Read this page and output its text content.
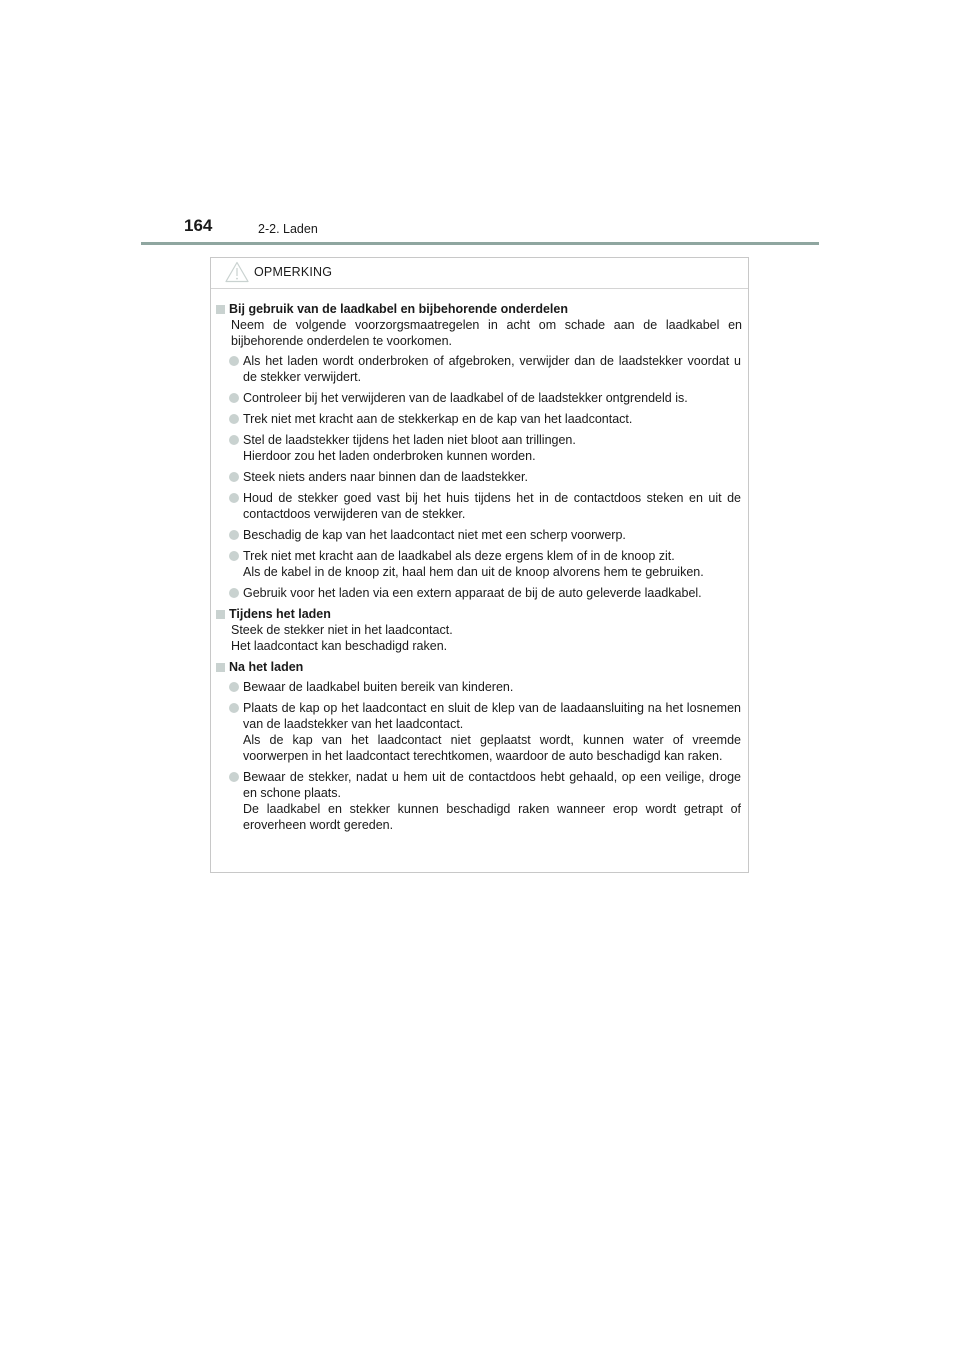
164	2-2. Laden
OPMERKING
Bij gebruik van de laadkabel en bijbehorende onderdelen
Neem de volgende voorzorgsmaatregelen in acht om schade aan de laadkabel en bijbehorende onderdelen te voorkomen.
Als het laden wordt onderbroken of afgebroken, verwijder dan de laadstekker voordat u de stekker verwijdert.
Controleer bij het verwijderen van de laadkabel of de laadstekker ontgrendeld is.
Trek niet met kracht aan de stekkerkap en de kap van het laadcontact.
Stel de laadstekker tijdens het laden niet bloot aan trillingen.
Hierdoor zou het laden onderbroken kunnen worden.
Steek niets anders naar binnen dan de laadstekker.
Houd de stekker goed vast bij het huis tijdens het in de contactdoos steken en uit de contactdoos verwijderen van de stekker.
Beschadig de kap van het laadcontact niet met een scherp voorwerp.
Trek niet met kracht aan de laadkabel als deze ergens klem of in de knoop zit.
Als de kabel in de knoop zit, haal hem dan uit de knoop alvorens hem te gebruiken.
Gebruik voor het laden via een extern apparaat de bij de auto geleverde laadkabel.
Tijdens het laden
Steek de stekker niet in het laadcontact.
Het laadcontact kan beschadigd raken.
Na het laden
Bewaar de laadkabel buiten bereik van kinderen.
Plaats de kap op het laadcontact en sluit de klep van de laadaansluiting na het losnemen van de laadstekker van het laadcontact.
Als de kap van het laadcontact niet geplaatst wordt, kunnen water of vreemde voorwerpen in het laadcontact terechtkomen, waardoor de auto beschadigd kan raken.
Bewaar de stekker, nadat u hem uit de contactdoos hebt gehaald, op een veilige, droge en schone plaats.
De laadkabel en stekker kunnen beschadigd raken wanneer erop wordt getrapt of eroverheen wordt gereden.
